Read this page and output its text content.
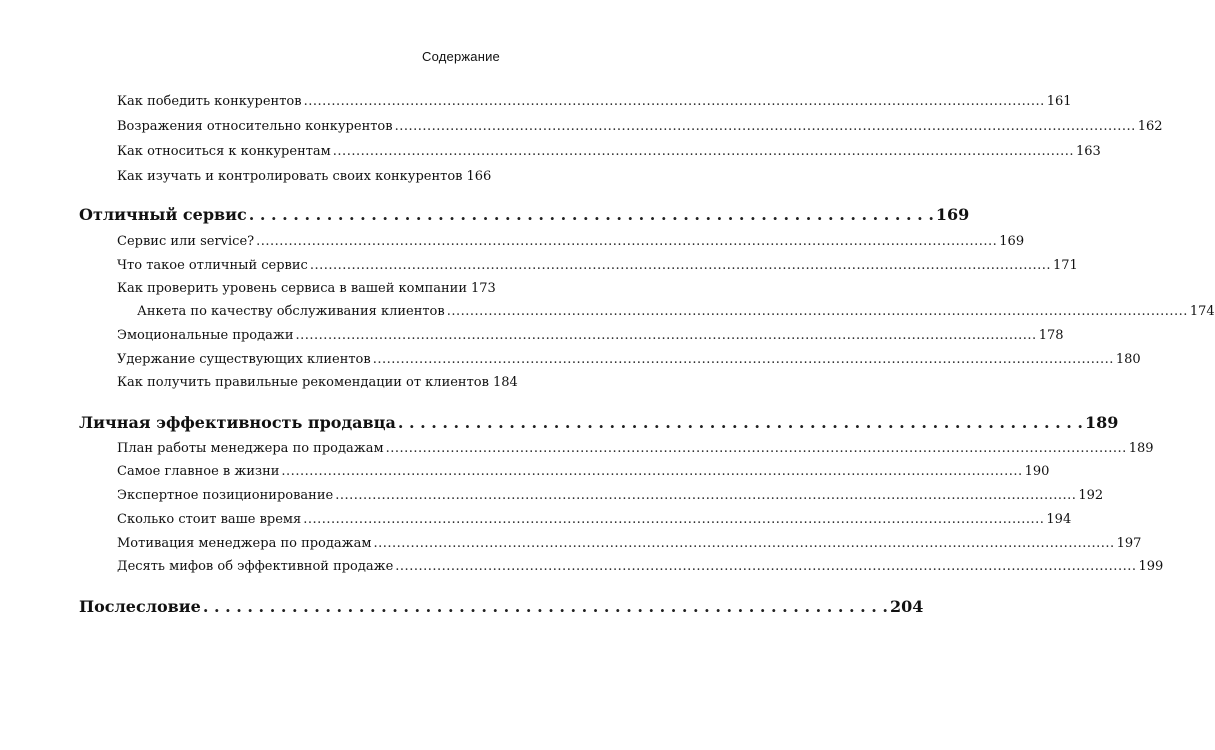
Содержание
Как победить конкурентов .....	161
Возражения относительно конкурентов .....	162
Как относиться к конкурентам .....	163
Как изучать и контролировать своих конкурентов 166
Отличный сервис . . .	169
Сервис или service? .....	169
Что такое отличный сервис .....	171
Как проверить уровень сервиса в вашей компании 173
Анкета по качеству обслуживания клиентов .....	174
Эмоциональные продажи .....	178
Удержание существующих клиентов .....	180
Как получить правильные рекомендации от клиентов 184
Личная эффективность продавца . . .	189
План работы менеджера по продажам .....	189
Самое главное в жизни .....	190
Экспертное позиционирование .....	192
Сколько стоит ваше время .....	194
Мотивация менеджера по продажам .....	197
Десять мифов об эффективной продаже .....	199
Послесловие . . .	204
